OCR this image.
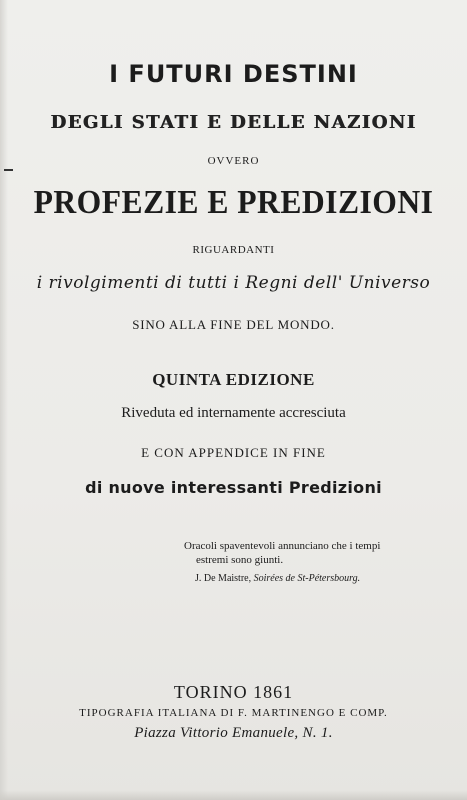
I FUTURI DESTINI
DEGLI STATI E DELLE NAZIONI
OVVERO
PROFEZIE E PREDIZIONI
RIGUARDANTI
i rivolgimenti di tutti i Regni dell' Universo
SINO ALLA FINE DEL MONDO.
QUINTA EDIZIONE
Riveduta ed internamente accresciuta
E CON APPENDICE IN FINE
di nuove interessanti Predizioni
Oracoli spaventevoli annunciano che i tempi
estremi sono giunti.
J. De Maistre, Soirées de St-Pétersbourg.
TORINO 1861
TIPOGRAFIA ITALIANA DI F. MARTINENGO E COMP.
Piazza Vittorio Emanuele, N. 1.
